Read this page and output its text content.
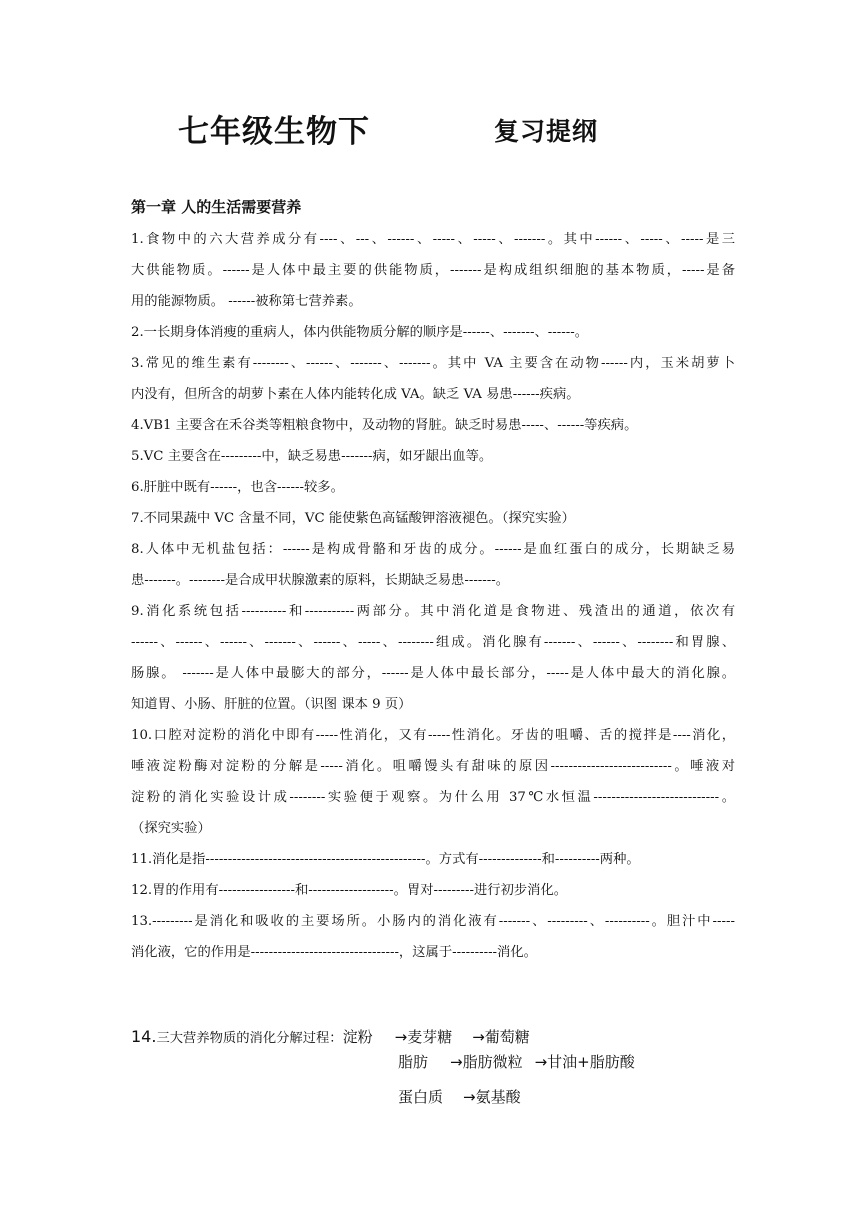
七年级生物下	复习提纲
第一章 人的生活需要营养
1.食物中的六大营养成分有----、---、------、-----、-----、-------。其中------、-----、-----是三
大供能物质。------是人体中最主要的供能物质，-------是构成组织细胞的基本物质，-----是备
用的能源物质。 ------被称第七营养素。
2.一长期身体消瘦的重病人，体内供能物质分解的顺序是------、-------、------。
3.常见的维生素有--------、------、-------、-------。其中 VA 主要含在动物------内，玉米胡萝卜
内没有，但所含的胡萝卜素在人体内能转化成 VA。缺乏 VA 易患------疾病。
4.VB1 主要含在禾谷类等粗粮食物中，及动物的肾脏。缺乏时易患-----、------等疾病。
5.VC 主要含在---------中，缺乏易患-------病，如牙龈出血等。
6.肝脏中既有------，也含------较多。
7.不同果蔬中 VC 含量不同，VC 能使紫色高锰酸钾溶液褪色。（探究实验）
8.人体中无机盐包括：------是构成骨骼和牙齿的成分。------是血红蛋白的成分，长期缺乏易
患-------。--------是合成甲状腺激素的原料，长期缺乏易患-------。
9.消化系统包括----------和-----------两部分。其中消化道是食物进、残渣出的通道，依次有
------、------、------、-------、------、-----、--------组成。消化腺有-------、------、--------和胃腺、
肠腺。 -------是人体中最膨大的部分，------是人体中最长部分，-----是人体中最大的消化腺。
知道胃、小肠、肝脏的位置。（识图 课本 9 页）
10.口腔对淀粉的消化中即有-----性消化，又有-----性消化。牙齿的咀嚼、舌的搅拌是----消化，
唾液淀粉酶对淀粉的分解是-----消化。咀嚼馒头有甜味的原因---------------------------。唾液对
淀粉的消化实验设计成--------实验便于观察。为什么用 37℃水恒温----------------------------。
（探究实验）
11.消化是指-------------------------------------------------。方式有--------------和----------两种。
12.胃的作用有-----------------和-------------------。胃对---------进行初步消化。
13.---------是消化和吸收的主要场所。小肠内的消化液有-------、---------、----------。胆汁中-----
消化液，它的作用是---------------------------------，这属于----------消化。
14.三大营养物质的消化分解过程：淀粉 →麦芽糖 →葡萄糖
脂肪 →脂肪微粒 →甘油+脂肪酸
蛋白质 →氨基酸
